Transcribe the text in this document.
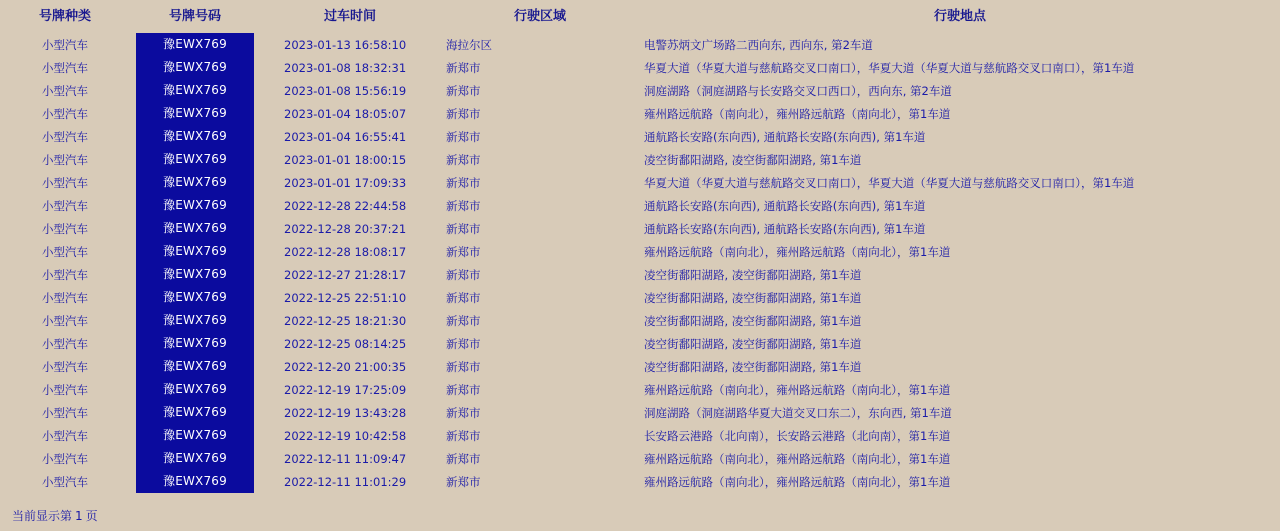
号牌种类	号牌号码	过车时间	行驶区域	行驶地点
小型汽车	豫EWX769	2023-01-13 16:58:10	海拉尔区	电警苏炳文广场路二西向东, 西向东, 第2车道
小型汽车	豫EWX769	2023-01-08 18:32:31	新郑市	华夏大道（华夏大道与慈航路交叉口南口），华夏大道（华夏大道与慈航路交叉口南口），第1车道
小型汽车	豫EWX769	2023-01-08 15:56:19	新郑市	洞庭湖路（洞庭湖路与长安路交叉口西口），西向东, 第2车道
小型汽车	豫EWX769	2023-01-04 18:05:07	新郑市	雍州路远航路（南向北），雍州路远航路（南向北），第1车道
小型汽车	豫EWX769	2023-01-04 16:55:41	新郑市	通航路长安路(东向西), 通航路长安路(东向西), 第1车道
小型汽车	豫EWX769	2023-01-01 18:00:15	新郑市	凌空街鄱阳湖路, 凌空街鄱阳湖路, 第1车道
小型汽车	豫EWX769	2023-01-01 17:09:33	新郑市	华夏大道（华夏大道与慈航路交叉口南口），华夏大道（华夏大道与慈航路交叉口南口），第1车道
小型汽车	豫EWX769	2022-12-28 22:44:58	新郑市	通航路长安路(东向西), 通航路长安路(东向西), 第1车道
小型汽车	豫EWX769	2022-12-28 20:37:21	新郑市	通航路长安路(东向西), 通航路长安路(东向西), 第1车道
小型汽车	豫EWX769	2022-12-28 18:08:17	新郑市	雍州路远航路（南向北），雍州路远航路（南向北），第1车道
小型汽车	豫EWX769	2022-12-27 21:28:17	新郑市	凌空街鄱阳湖路, 凌空街鄱阳湖路, 第1车道
小型汽车	豫EWX769	2022-12-25 22:51:10	新郑市	凌空街鄱阳湖路, 凌空街鄱阳湖路, 第1车道
小型汽车	豫EWX769	2022-12-25 18:21:30	新郑市	凌空街鄱阳湖路, 凌空街鄱阳湖路, 第1车道
小型汽车	豫EWX769	2022-12-25 08:14:25	新郑市	凌空街鄱阳湖路, 凌空街鄱阳湖路, 第1车道
小型汽车	豫EWX769	2022-12-20 21:00:35	新郑市	凌空街鄱阳湖路, 凌空街鄱阳湖路, 第1车道
小型汽车	豫EWX769	2022-12-19 17:25:09	新郑市	雍州路远航路（南向北），雍州路远航路（南向北），第1车道
小型汽车	豫EWX769	2022-12-19 13:43:28	新郑市	洞庭湖路（洞庭湖路华夏大道交叉口东二），东向西, 第1车道
小型汽车	豫EWX769	2022-12-19 10:42:58	新郑市	长安路云港路（北向南），长安路云港路（北向南），第1车道
小型汽车	豫EWX769	2022-12-11 11:09:47	新郑市	雍州路远航路（南向北），雍州路远航路（南向北），第1车道
小型汽车	豫EWX769	2022-12-11 11:01:29	新郑市	雍州路远航路（南向北），雍州路远航路（南向北），第1车道
当前显示第 1 页
